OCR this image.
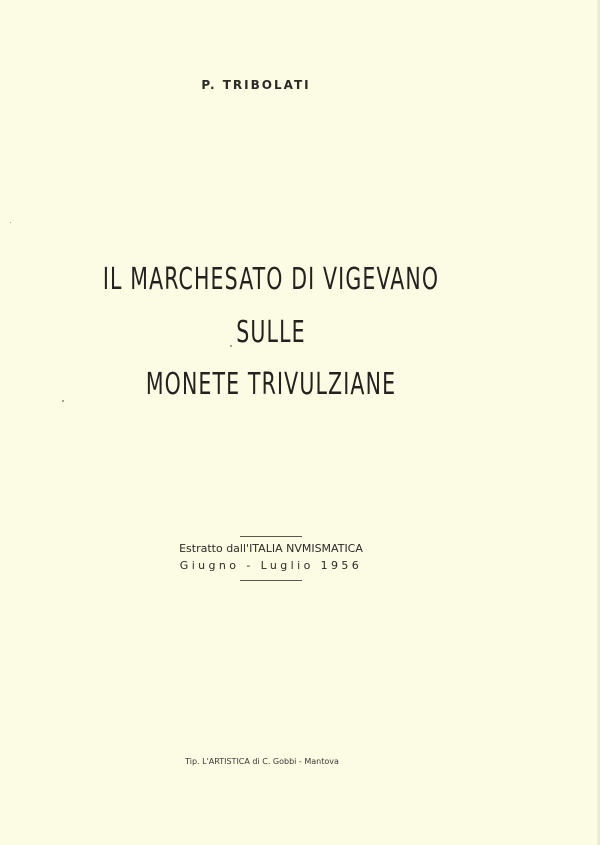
P. TRIBOLATI
IL MARCHESATO DI VIGEVANO
SULLE
MONETE TRIVULZIANE
Estratto dall'ITALIA NVMISMATICA
Giugno - Luglio 1956
Tip. L'ARTISTICA di C. Gobbi - Mantova
